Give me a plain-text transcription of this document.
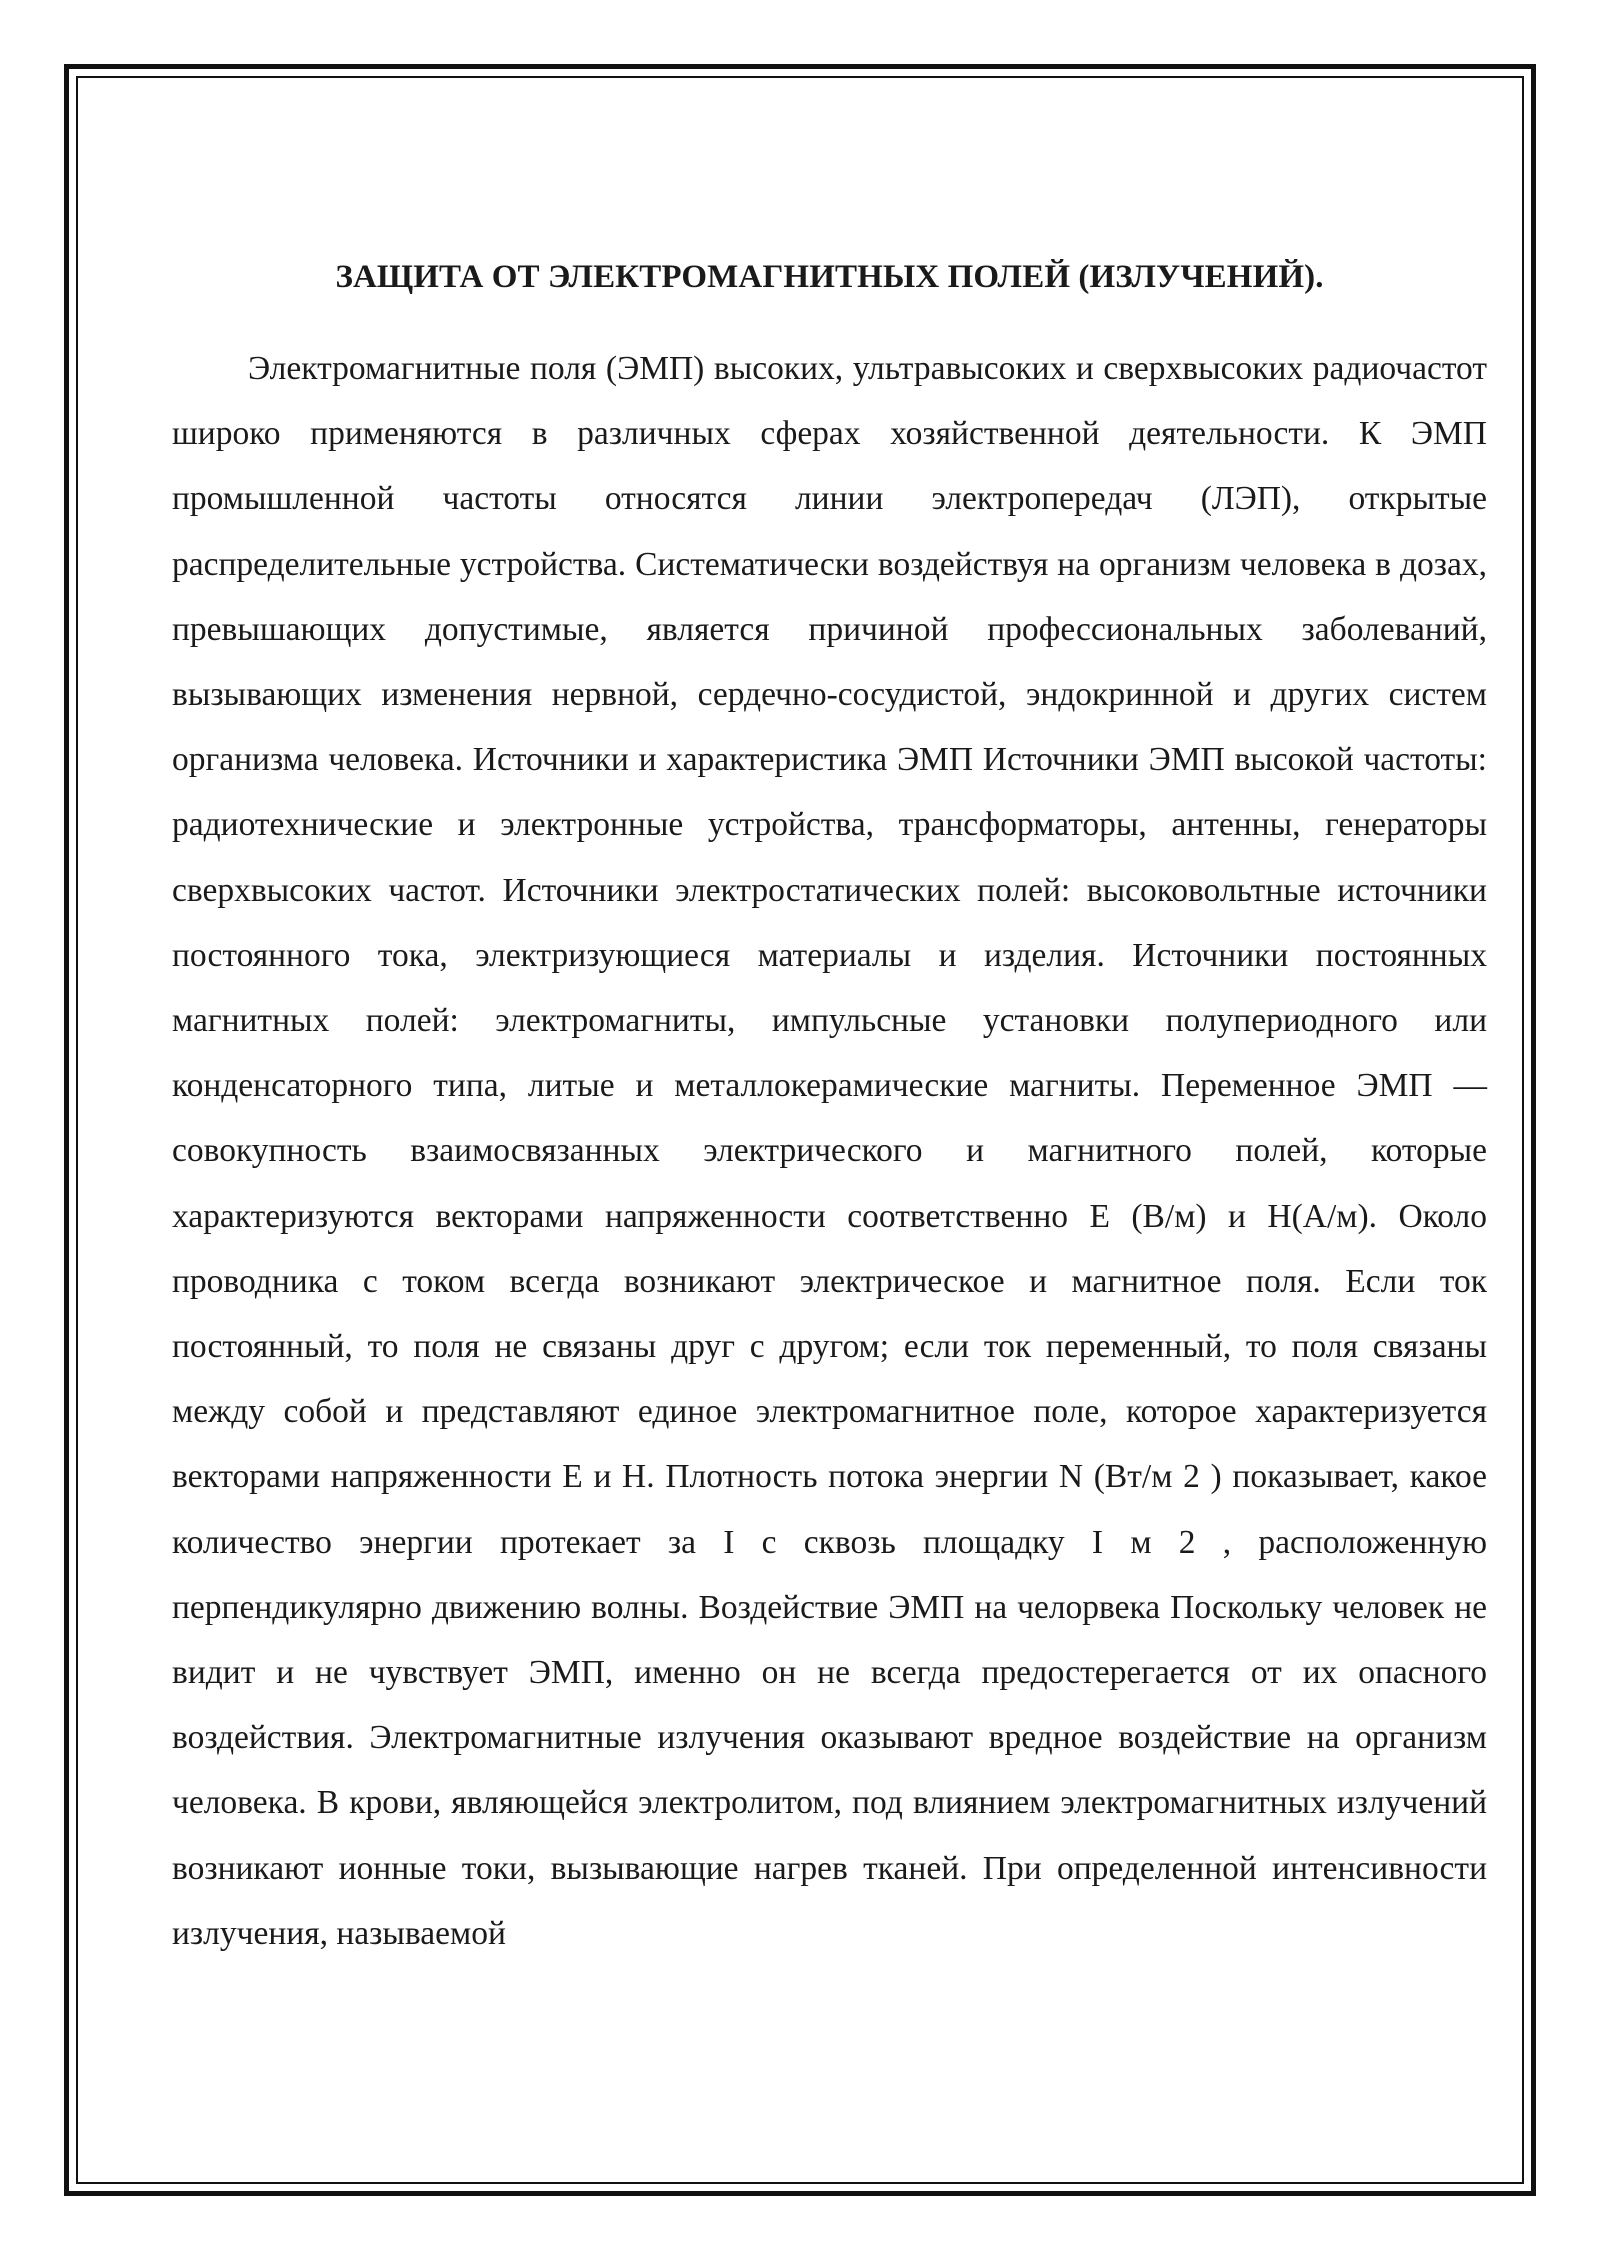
ЗАЩИТА ОТ ЭЛЕКТРОМАГНИТНЫХ ПОЛЕЙ (ИЗЛУЧЕНИЙ).

Электромагнитные поля (ЭМП) высоких, ультравысоких и сверхвысоких радиочастот широко применяются в различных сферах хозяйственной деятельности. К ЭМП промышленной частоты относятся линии электропередач (ЛЭП), открытые распределительные устройства. Систематически воздействуя на организм человека в дозах, превышающих допустимые, является причиной профессиональных заболеваний, вызывающих изменения нервной, сердечно-сосудистой, эндокринной и других систем организма человека. Источники и характеристика ЭМП Источники ЭМП высокой частоты: радиотехнические и электронные устройства, трансформаторы, антенны, генераторы сверхвысоких частот. Источники электростатических полей: высоковольтные источники постоянного тока, электризующиеся материалы и изделия. Источники постоянных магнитных полей: электромагниты, импульсные установки полупериодного или конденсаторного типа, литые и металлокерамические магниты. Переменное ЭМП — совокупность взаимосвязанных электрического и магнитного полей, которые характеризуются векторами напряженности соответственно Е (В/м) и Н(А/м). Около проводника с током всегда возникают электрическое и магнитное поля. Если ток постоянный, то поля не связаны друг с другом; если ток переменный, то поля связаны между собой и представляют единое электромагнитное поле, которое характеризуется векторами напряженности Е и Н. Плотность потока энергии N (Вт/м 2 ) показывает, какое количество энергии протекает за I с сквозь площадку I м 2 , расположенную перпендикулярно движению волны. Воздействие ЭМП на челорвека Поскольку человек не видит и не чувствует ЭМП, именно он не всегда предостерегается от их опасного воздействия. Электромагнитные излучения оказывают вредное воздействие на организм человека. В крови, являющейся электролитом, под влиянием электромагнитных излучений возникают ионные токи, вызывающие нагрев тканей. При определенной интенсивности излучения, называемой
